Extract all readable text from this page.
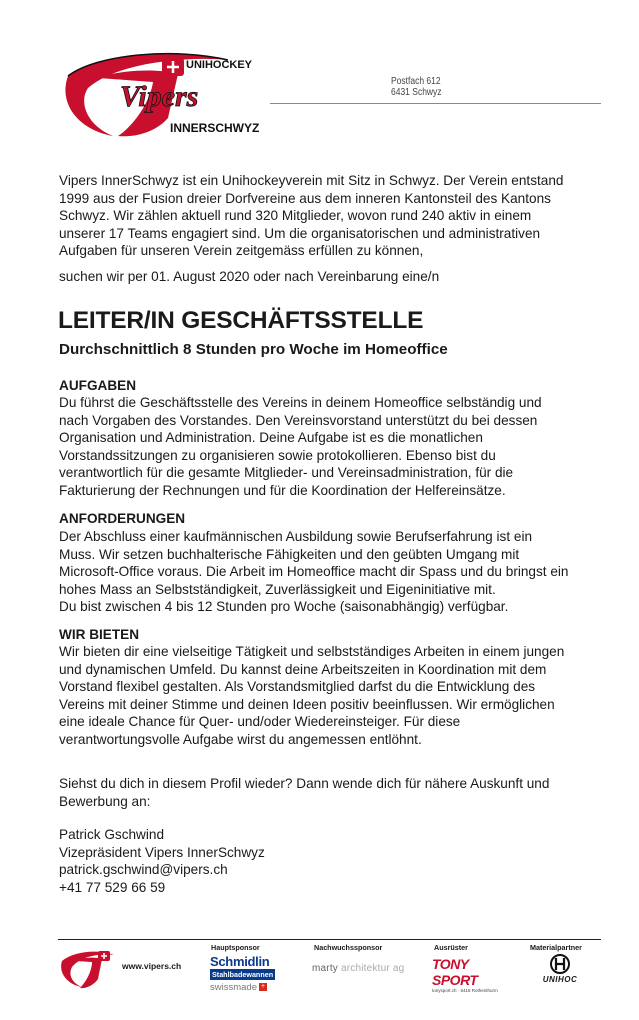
Vipers
UNIHOCKEY
INNERSCHWYZ
Postfach 612
6431 Schwyz
Vipers InnerSchwyz ist ein Unihockeyverein mit Sitz in Schwyz. Der Verein entstand
1999 aus der Fusion dreier Dorfvereine aus dem inneren Kantonsteil des Kantons
Schwyz. Wir zählen aktuell rund 320 Mitglieder, wovon rund 240 aktiv in einem
unserer 17 Teams engagiert sind. Um die organisatorischen und administrativen
Aufgaben für unseren Verein zeitgemäss erfüllen zu können,
suchen wir per 01. August 2020 oder nach Vereinbarung eine/n
LEITER/IN GESCHÄFTSSTELLE
Durchschnittlich 8 Stunden pro Woche im Homeoffice
AUFGABEN
Du führst die Geschäftsstelle des Vereins in deinem Homeoffice selbständig und
nach Vorgaben des Vorstandes. Den Vereinsvorstand unterstützt du bei dessen
Organisation und Administration. Deine Aufgabe ist es die monatlichen
Vorstandssitzungen zu organisieren sowie protokollieren. Ebenso bist du
verantwortlich für die gesamte Mitglieder- und Vereinsadministration, für die
Fakturierung der Rechnungen und für die Koordination der Helfereinsätze.
ANFORDERUNGEN
Der Abschluss einer kaufmännischen Ausbildung sowie Berufserfahrung ist ein
Muss. Wir setzen buchhalterische Fähigkeiten und den geübten Umgang mit
Microsoft-Office voraus. Die Arbeit im Homeoffice macht dir Spass und du bringst ein
hohes Mass an Selbstständigkeit, Zuverlässigkeit und Eigeninitiative mit.
Du bist zwischen 4 bis 12 Stunden pro Woche (saisonabhängig) verfügbar.
WIR BIETEN
Wir bieten dir eine vielseitige Tätigkeit und selbstständiges Arbeiten in einem jungen
und dynamischen Umfeld. Du kannst deine Arbeitszeiten in Koordination mit dem
Vorstand flexibel gestalten. Als Vorstandsmitglied darfst du die Entwicklung des
Vereins mit deiner Stimme und deinen Ideen positiv beeinflussen. Wir ermöglichen
eine ideale Chance für Quer- und/oder Wiedereinsteiger. Für diese
verantwortungsvolle Aufgabe wirst du angemessen entlöhnt.
Siehst du dich in diesem Profil wieder? Dann wende dich für nähere Auskunft und
Bewerbung an:
Patrick Gschwind
Vizepräsident Vipers InnerSchwyz
patrick.gschwind@vipers.ch
+41 77 529 66 59
www.vipers.ch
Hauptsponsor	Nachwuchssponsor	Ausrüster	Materialpartner
Schmidlin
Stahlbadewannen
swissmade +
marty architektur ag TONY SPORT
tonysport.ch · 6418 Rothenthurm
UNIHOC
